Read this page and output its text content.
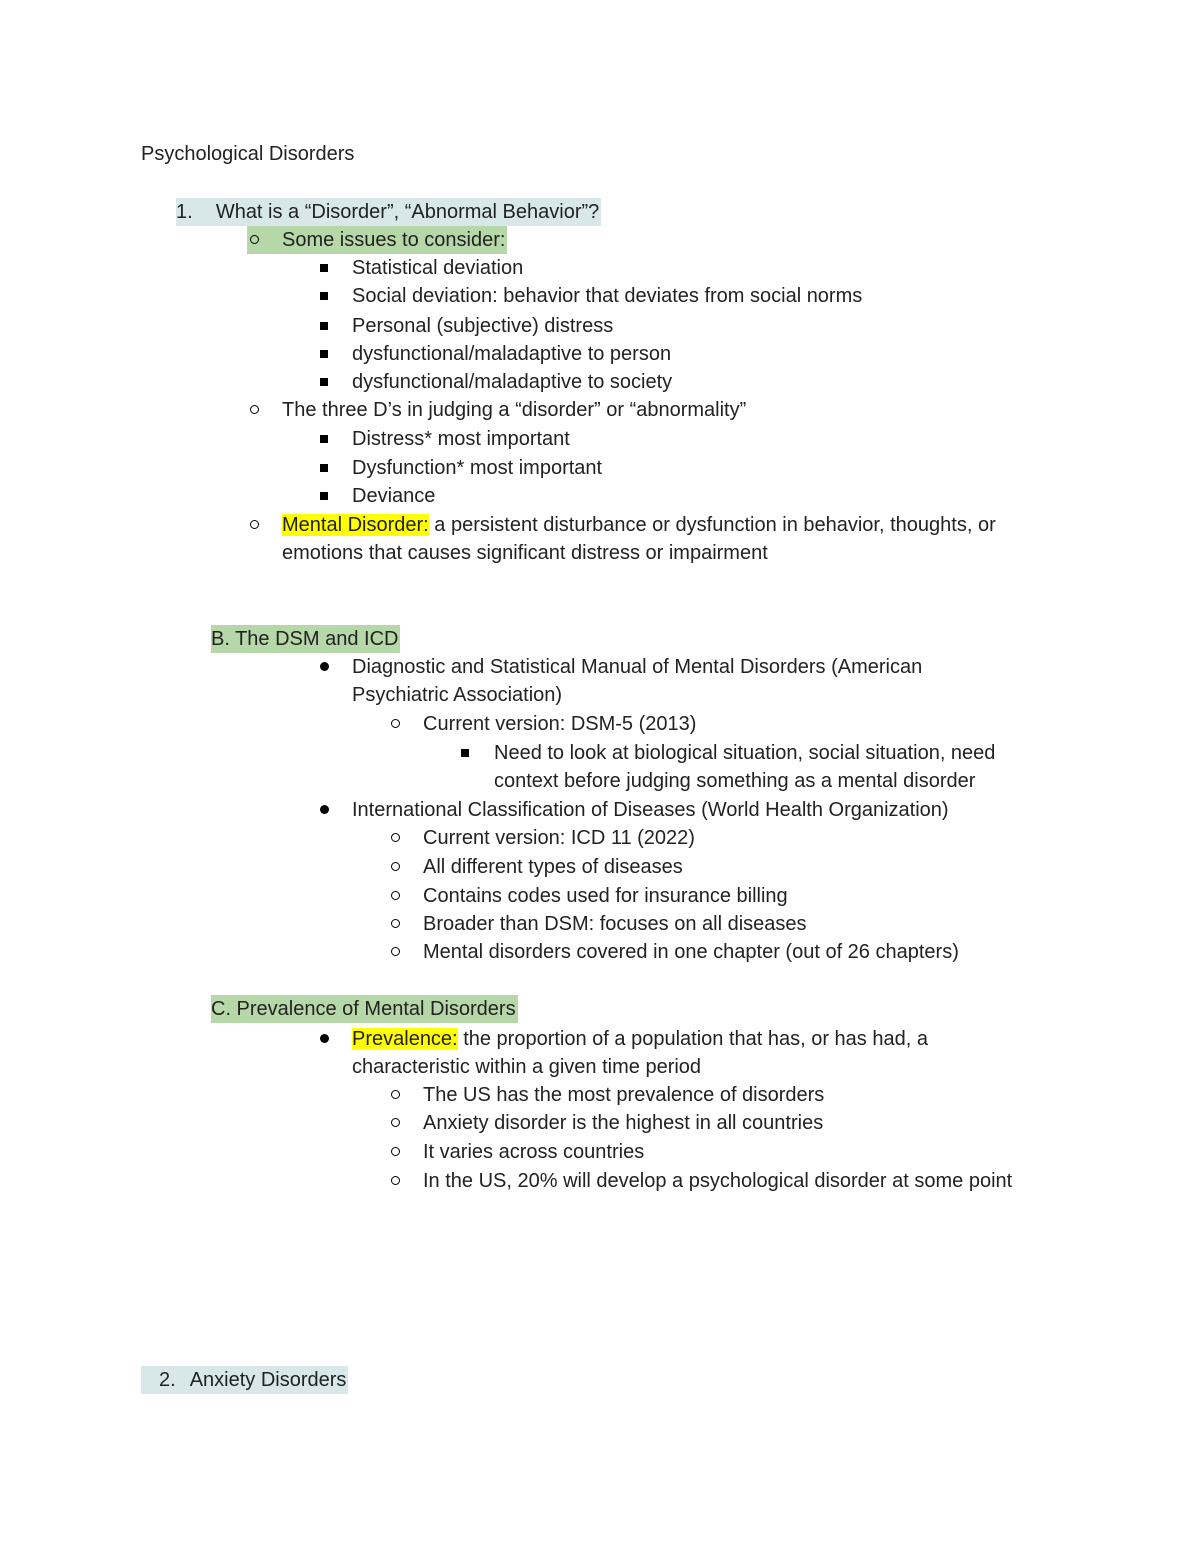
Psychological Disorders
1. What is a “Disorder”, “Abnormal Behavior”?
Some issues to consider:
Statistical deviation
Social deviation: behavior that deviates from social norms
Personal (subjective) distress
dysfunctional/maladaptive to person
dysfunctional/maladaptive to society
The three D’s in judging a “disorder” or “abnormality”
Distress* most important
Dysfunction* most important
Deviance
Mental Disorder: a persistent disturbance or dysfunction in behavior, thoughts, or
emotions that causes significant distress or impairment
B. The DSM and ICD
Diagnostic and Statistical Manual of Mental Disorders (American
Psychiatric Association)
Current version: DSM-5 (2013)
Need to look at biological situation, social situation, need
context before judging something as a mental disorder
International Classification of Diseases (World Health Organization)
Current version: ICD 11 (2022)
All different types of diseases
Contains codes used for insurance billing
Broader than DSM: focuses on all diseases
Mental disorders covered in one chapter (out of 26 chapters)
C. Prevalence of Mental Disorders
Prevalence: the proportion of a population that has, or has had, a
characteristic within a given time period
The US has the most prevalence of disorders
Anxiety disorder is the highest in all countries
It varies across countries
In the US, 20% will develop a psychological disorder at some point
2. Anxiety Disorders
